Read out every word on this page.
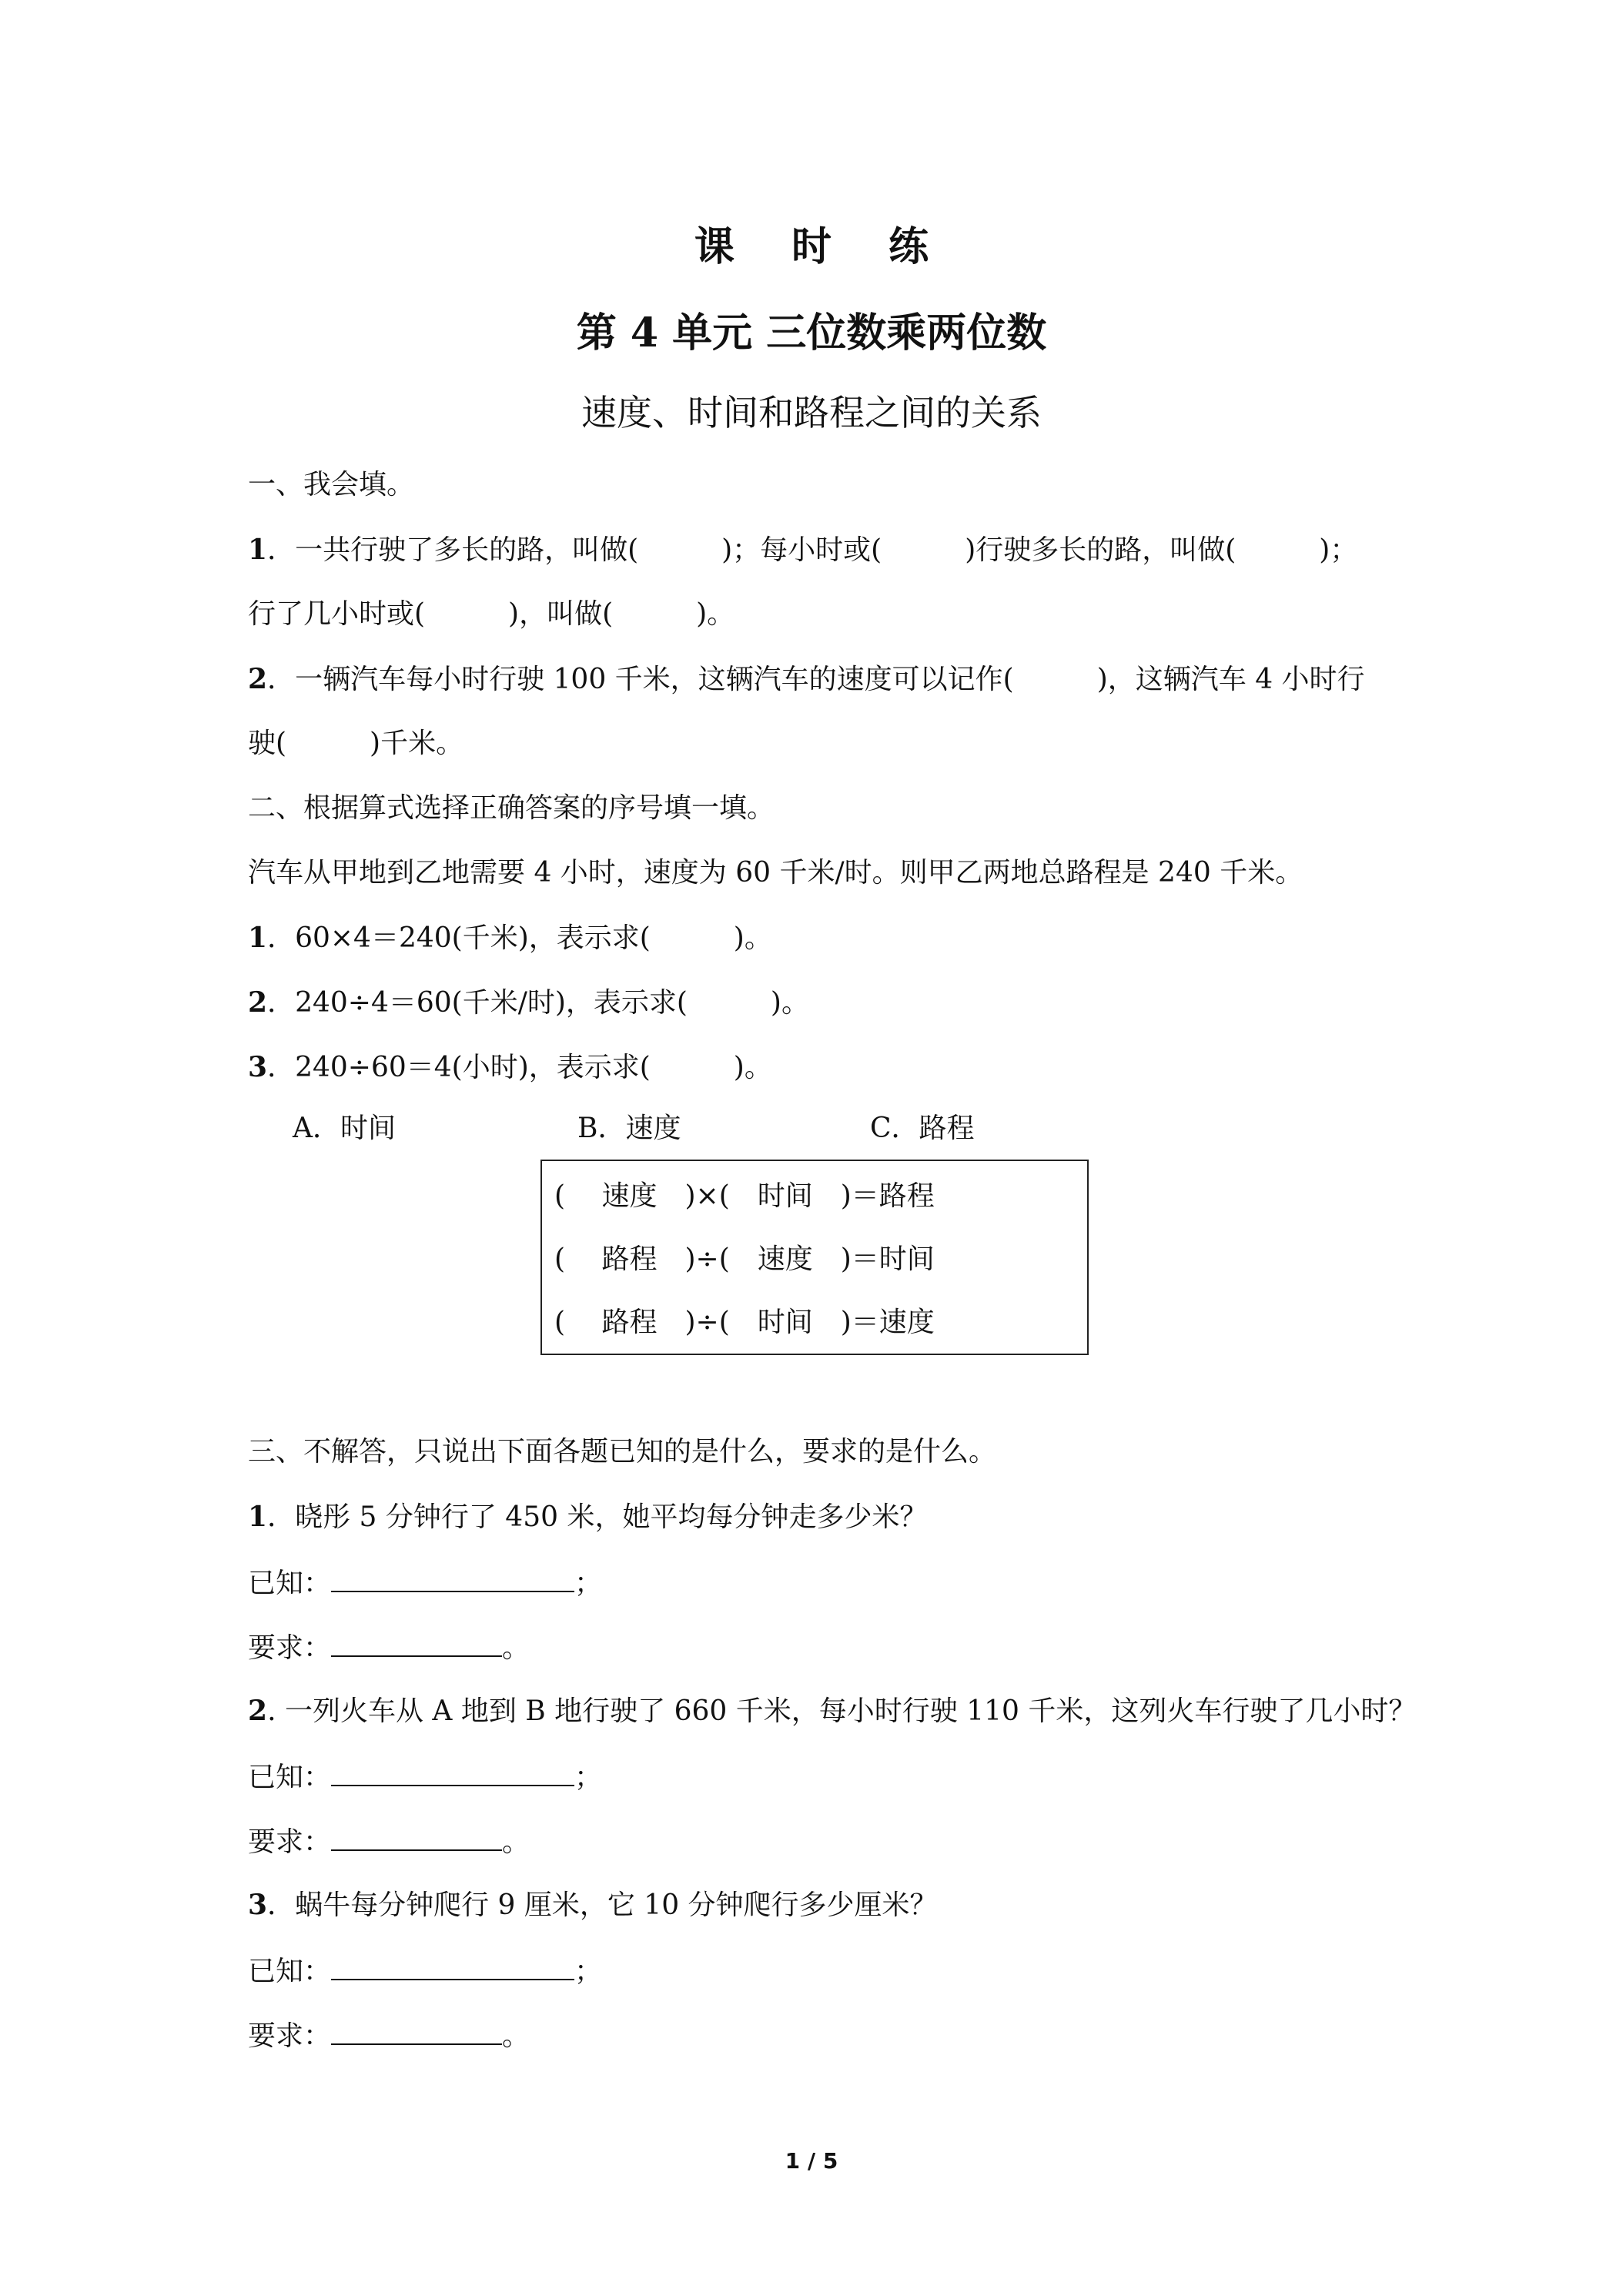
课 时 练
第 4 单元 三位数乘两位数
速度、时间和路程之间的关系
一、我会填。
1．一共行驶了多长的路，叫做(　　　)；每小时或(　　　)行驶多长的路，叫做(　　　)；
行了几小时或(　　　)，叫做(　　　)。
2．一辆汽车每小时行驶 100 千米，这辆汽车的速度可以记作(　　　)，这辆汽车 4 小时行
驶(　　　)千米。
二、根据算式选择正确答案的序号填一填。
汽车从甲地到乙地需要 4 小时，速度为 60 千米/时。则甲乙两地总路程是 240 千米。
1．60×4＝240(千米)，表示求(　　　)。
2．240÷4＝60(千米/时)，表示求(　　　)。
3．240÷60＝4(小时)，表示求(　　　)。
A．时间	B．速度	C．路程
(　 速度　)×(　时间　)＝路程
(　 路程　)÷(　速度　)＝时间
(　 路程　)÷(　时间　)＝速度
三、不解答，只说出下面各题已知的是什么，要求的是什么。
1．晓彤 5 分钟行了 450 米，她平均每分钟走多少米？
已知：	；
要求：	。
2. 一列火车从 A 地到 B 地行驶了 660 千米，每小时行驶 110 千米，这列火车行驶了几小时？
已知：	；
要求：	。
3．蜗牛每分钟爬行 9 厘米，它 10 分钟爬行多少厘米？
已知：	；
要求：	。
1 / 5
